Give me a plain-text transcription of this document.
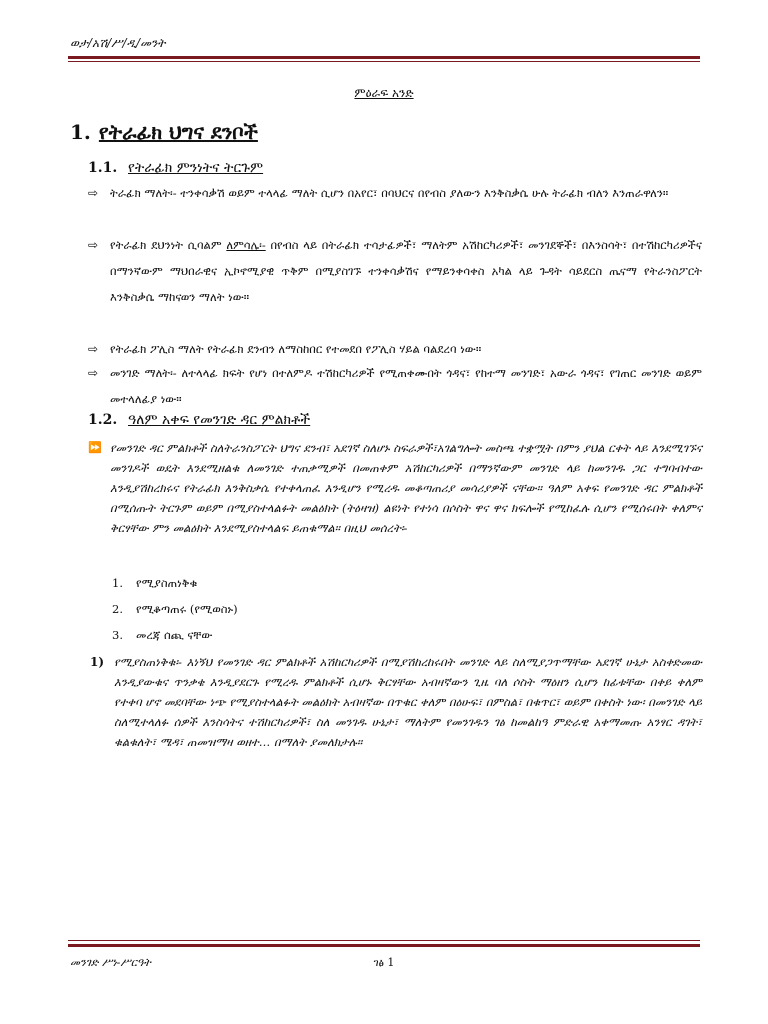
ወታ/አሽ/ሥ/ዲ/መንት
ምዕራፍ አንድ
1. የትራፊክ ህግና ደንቦች
1.1. የትራፊክ ምንነትና ትርጉም
⇨	ትራፊክ ማለት፡- ተንቀሳቃሽ ወይም ተላላፊ ማለት ሲሆን በአየር፣ በባህርና በየብስ ያለውን እንቅስቃሴ ሁሉ ትራፊክ ብለን እንጠራዋለን።
⇨	የትራፊክ ደህንነት ሲባልም ለምሳሌ፡- በየብስ ላይ በትራፊክ ተሳታፊዎች፣ ማለትም አሽከርካሪዎች፣ መንገደኞች፣ በእንስሳት፣ በተሽከርካሪዎችና በማንኛውም ማህበራዊና ኢኮኖሚያዊ ጥቅም በሚያስገኙ ተንቀሳቃሽና የማይንቀሳቀስ አካል ላይ ጉዳት ሳይደርስ ጤናማ የትራንስፖርት እንቅስቃሴ ማከናወን ማለት ነው።
⇨	የትራፊክ ፖሊስ ማለት የትራፊክ ደንብን ለማስከበር የተመደበ የፖሊስ ሃይል ባልደረባ ነው።
⇨	መንገድ ማለት፡- ለተላላፊ ክፍት የሆነ በተለምዶ ተሽከርካሪዎች የሚጠቀሙበት ጎዳና፣ የከተማ መንገድ፣ አውራ ጎዳና፣ የገጠር መንገድ ወይም መተላለፊያ ነው።
1.2. ዓለም አቀፍ የመንገድ ዳር ምልክቶች
⏩ የመንገድ ዳር ምልክቶች ስለትራንስፖርት ህግና ደንብ፣ አደገኛ ስለሆኑ ስፍራዎች፣አገልግሎት መስጫ ተቋሟት በምን ያህል ርቀት ላይ እንደሚገኙና መንገዶች ወዴት እንደሚዘልቁ ለመንገድ ተጠቃሚዎች በመጠቀም አሽከርካሪዎች በማንኛውም መንገድ ላይ ከመንገዱ ጋር ተግባብተው እንዲያሽከረክሩና የትራፊክ እንቅስቃሴ የተቀላጠፈ እንዲሆን የሚረዱ መቆጣጠሪያ መሳሪያዎች ናቸው። ዓለም አቀፍ የመንገድ ዳር ምልክቶች በሚሰጡት ትርጉም ወይም በሚያስተላልፉት መልዕክት (ትዕዛዝ) ልዩነት የተነሳ በሶስት ዋና ዋና ክፍሎች የሚከፈሉ ሲሆን የሚሰሩበት ቀለምና ቅርፃቸው ምን መልዕክት እንደሚያስተላልፍ ይጠቁማል። በዚህ መሰረት፡-
1. የሚያስጠነቅቁ
2. የሚቆጣጠሩ (የሚወስኑ)
3. መረጃ ሰጪ ናቸው
1) የሚያስጠነቅቁ፡- እነኝህ የመንገድ ዳር ምልክቶች አሽከርካሪዎች በሚያሽከረከሩበት መንገድ ላይ ስለሚያጋጥማቸው አደገኛ ሁኔታ አስቀድመው እንዲያውቁና ጥንቃቄ እንዲያደርጉ የሚረዱ ምልክቶች ሲሆኑ ቅርፃቸው አብዛኛውን ጊዜ ባለ ሶስት ማዕዘን ሲሆን ከፊቱቸው በቀይ ቀለም የተቀባ ሆኖ መደባቸው ነጭ የሚያስተላልፉት መልዕክት አብዛኛው በጥቁር ቀለም በዕሁፍ፣ በምስል፣ በቁጥር፣ ወይም በቀስት ነው፡ በመንገድ ላይ ስለሚተላለፉ ሰዎች እንስሳትና ተሽከርካሪዎች፣ ስለ መንገዱ ሁኔታ፣ ማለትም የመንገዱን ገፅ ከመልከዓ ምድራዊ አቀማመጡ አንፃር ዳገት፣ ቁልቁለት፣ ሜዳ፣ ጠመዝማዛ ወዘተ… በማለት ያመለክታሉ።
መንገድ ሥነ-ሥርዓት	ገፅ 1
